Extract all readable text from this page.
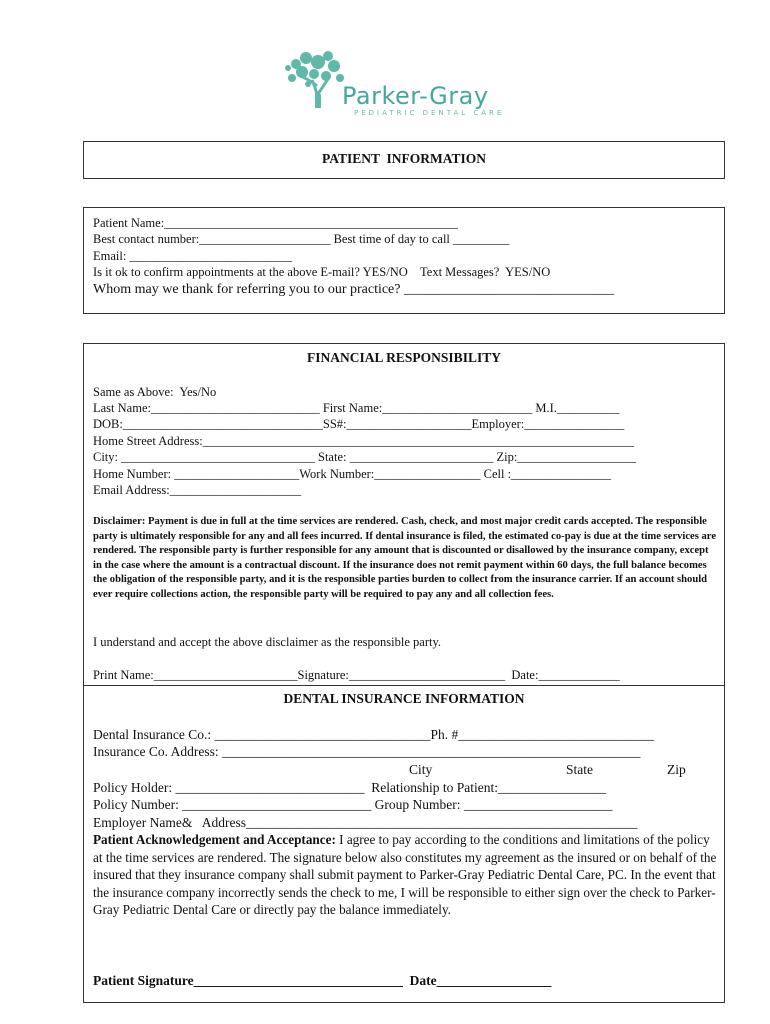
Parker-Gray
PEDIATRIC DENTAL CARE
PATIENT  INFORMATION
Patient Name:_______________________________________________
Best contact number:_____________________ Best time of day to call _________
Email: __________________________
Is it ok to confirm appointments at the above E-mail? YES/NO    Text Messages?  YES/NO
Whom may we thank for referring you to our practice? ______________________________
FINANCIAL RESPONSIBILITY
Same as Above:  Yes/No
Last Name:___________________________ First Name:________________________ M.I.__________
DOB:________________________________SS#:____________________Employer:________________
Home Street Address:_____________________________________________________________________
City: _______________________________ State: _______________________ Zip:___________________
Home Number: ____________________Work Number:_________________ Cell :________________
Email Address:_____________________
Disclaimer: Payment is due in full at the time services are rendered. Cash, check, and most major credit cards accepted. The responsible party is ultimately responsible for any and all fees incurred. If dental insurance is filed, the estimated co-pay is due at the time services are rendered. The responsible party is further responsible for any amount that is discounted or disallowed by the insurance company, except in the case where the amount is a contractual discount. If the insurance does not remit payment within 60 days, the full balance becomes the obligation of the responsible party, and it is the responsible parties burden to collect from the insurance carrier. If an account should ever require collections action, the responsible party will be required to pay any and all collection fees.
I understand and accept the above disclaimer as the responsible party.
Print Name:_______________________Signature:_________________________  Date:_____________
DENTAL INSURANCE INFORMATION
Dental Insurance Co.: ________________________________Ph. #_____________________________
Insurance Co. Address: ______________________________________________________________
City	State	Zip
Policy Holder: ____________________________  Relationship to Patient:________________
Policy Number: ____________________________ Group Number: ______________________
Employer Name&   Address__________________________________________________________
Patient Acknowledgement and Acceptance: I agree to pay according to the conditions and limitations of the policy at the time services are rendered. The signature below also constitutes my agreement as the insured or on behalf of the insured that they insurance company shall submit payment to Parker-Gray Pediatric Dental Care, PC. In the event that the insurance company incorrectly sends the check to me, I will be responsible to either sign over the check to Parker-Gray Pediatric Dental Care or directly pay the balance immediately.
Patient Signature_______________________________  Date_________________
